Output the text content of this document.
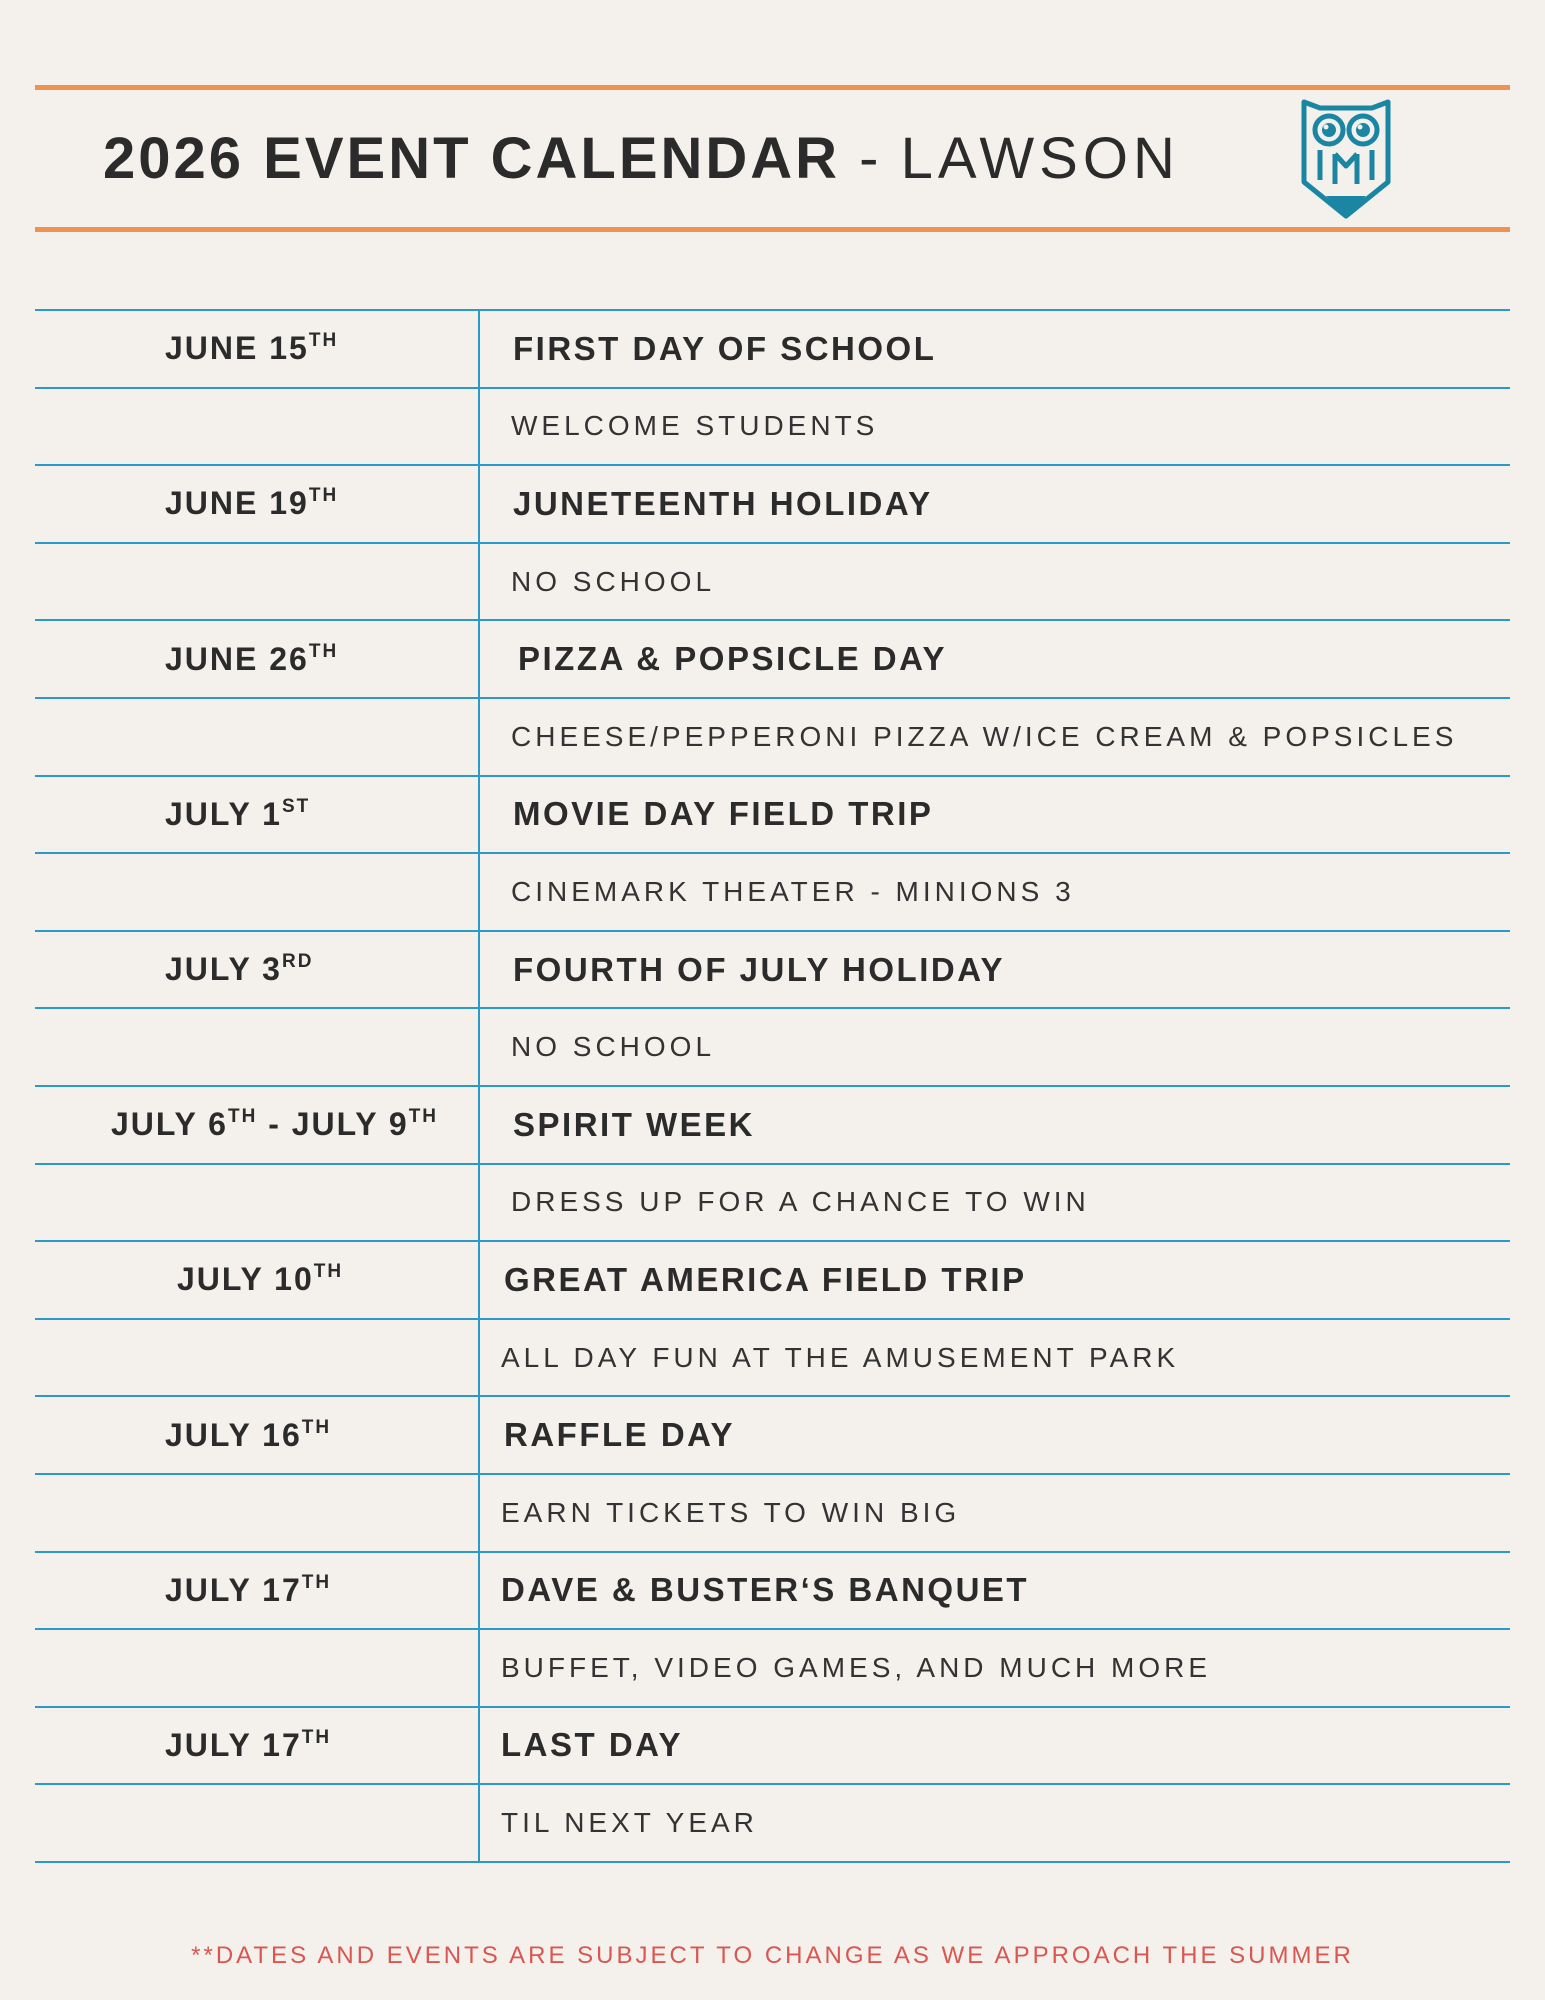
2026 EVENT CALENDAR - LAWSON
JUNE 15TH	FIRST DAY OF SCHOOL
WELCOME STUDENTS
JUNE 19TH	JUNETEENTH HOLIDAY
NO SCHOOL
JUNE 26TH	PIZZA & POPSICLE DAY
CHEESE/PEPPERONI PIZZA W/ICE CREAM & POPSICLES
JULY 1ST	MOVIE DAY FIELD TRIP
CINEMARK THEATER - MINIONS 3
JULY 3RD	FOURTH OF JULY HOLIDAY
NO SCHOOL
JULY 6TH - JULY 9TH	SPIRIT WEEK
DRESS UP FOR A CHANCE TO WIN
JULY 10TH	GREAT AMERICA FIELD TRIP
ALL DAY FUN AT THE AMUSEMENT PARK
JULY 16TH	RAFFLE DAY
EARN TICKETS TO WIN BIG
JULY 17TH	DAVE & BUSTER‘S BANQUET
BUFFET, VIDEO GAMES, AND MUCH MORE
JULY 17TH	LAST DAY
TIL NEXT YEAR
**DATES AND EVENTS ARE SUBJECT TO CHANGE AS WE APPROACH THE SUMMER
